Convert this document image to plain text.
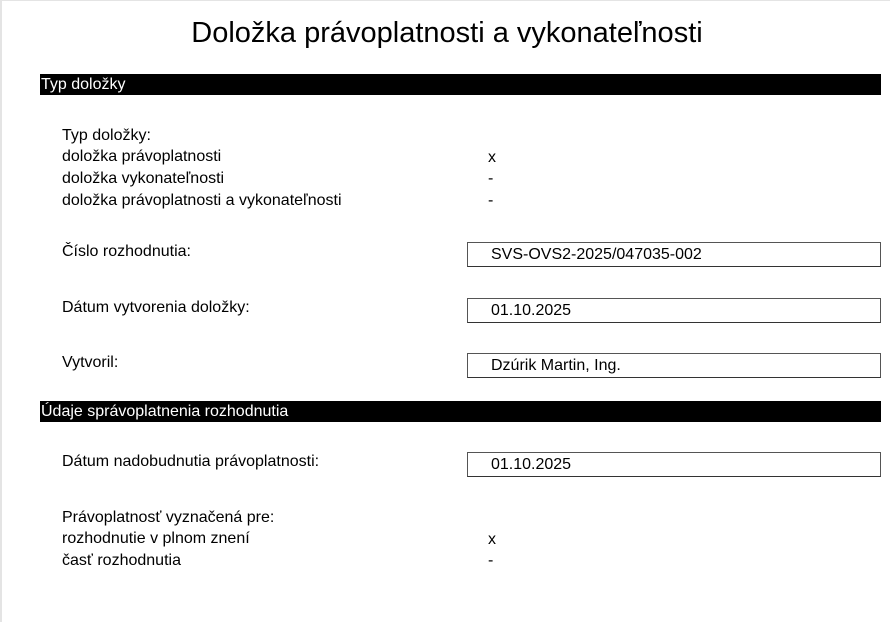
Doložka právoplatnosti a vykonateľnosti
Typ doložky
Typ doložky:
doložka právoplatnosti	x
doložka vykonateľnosti	-
doložka právoplatnosti a vykonateľnosti	-
Číslo rozhodnutia:	SVS-OVS2-2025/047035-002
Dátum vytvorenia doložky:	01.10.2025
Vytvoril:	Dzúrik Martin, Ing.
Údaje správoplatnenia rozhodnutia
Dátum nadobudnutia právoplatnosti:	01.10.2025
Právoplatnosť vyznačená pre:
rozhodnutie v plnom znení	x
časť rozhodnutia	-
